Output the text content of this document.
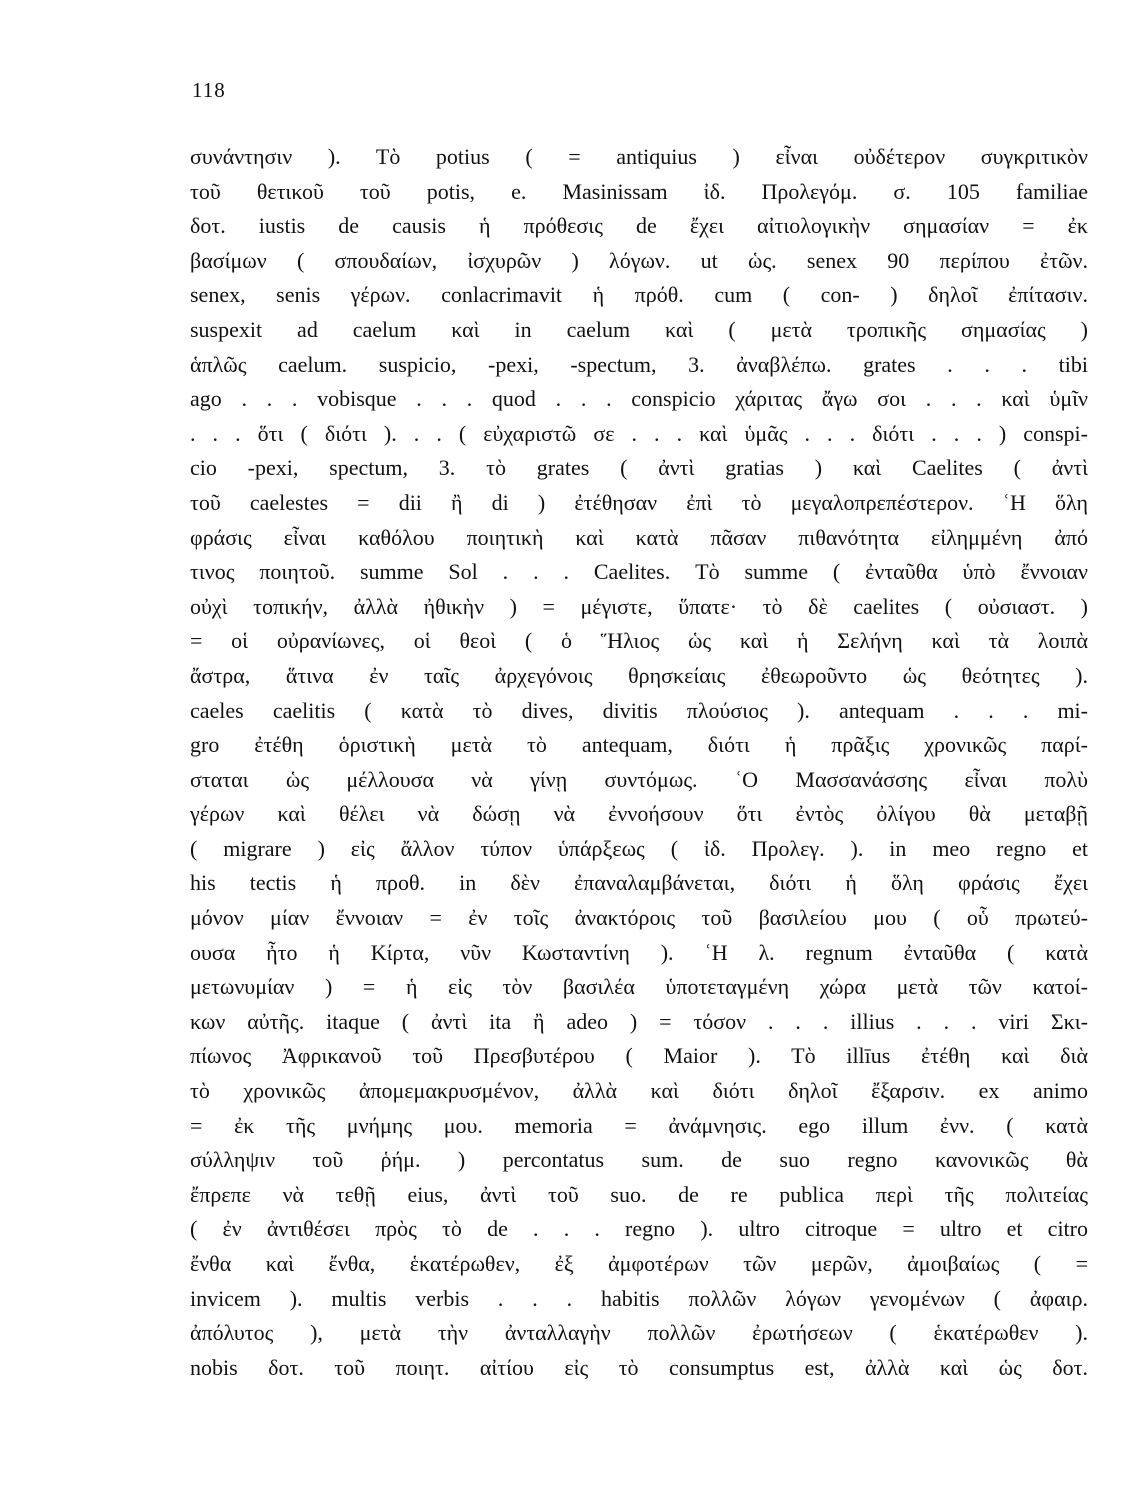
118
συνάντησιν ). Τὸ potius ( = antiquius ) εἶναι οὐδέτερον συγκριτικὸν
τοῦ θετικοῦ τοῦ potis, e. Masinissam ἰδ. Προλεγόμ. σ. 105 familiae
δοτ. iustis de causis ἡ πρόθεσις de ἔχει αἰτιολογικὴν σημασίαν = ἐκ
βασίμων ( σπουδαίων, ἰσχυρῶν ) λόγων. ut ὡς. senex 90 περίπου ἐτῶν.
senex, senis γέρων. conlacrimavit ἡ πρόθ. cum ( con- ) δηλοῖ ἐπίτασιν.
suspexit ad caelum καὶ in caelum καὶ ( μετὰ τροπικῆς σημασίας )
ἁπλῶς caelum. suspicio, -pexi, -spectum, 3. ἀναβλέπω. grates . . . tibi
ago . . . vobisque . . . quod . . . conspicio χάριτας ἄγω σοι . . . καὶ ὑμῖν
. . . ὅτι ( διότι ). . . ( εὐχαριστῶ σε . . . καὶ ὑμᾶς . . . διότι . . . ) conspi-
cio -pexi, spectum, 3. τὸ grates ( ἀντὶ gratias ) καὶ Caelites ( ἀντὶ
τοῦ caelestes = dii ἢ di ) ἐτέθησαν ἐπὶ τὸ μεγαλοπρεπέστερον. ʿΗ ὅλη
φράσις εἶναι καθόλου ποιητικὴ καὶ κατὰ πᾶσαν πιθανότητα εἰλημμένη ἀπό
τινος ποιητοῦ. summe Sol . . . Caelites. Τὸ summe ( ἐνταῦθα ὑπὸ ἔννοιαν
οὐχὶ τοπικήν, ἀλλὰ ἠθικὴν ) = μέγιστε, ὕπατε· τὸ δὲ caelites ( οὐσιαστ. )
= οἱ οὐρανίωνες, οἱ θεοὶ ( ὁ Ἥλιος ὡς καὶ ἡ Σελήνη καὶ τὰ λοιπὰ
ἄστρα, ἅτινα ἐν ταῖς ἀρχεγόνοις θρησκείαις ἐθεωροῦντο ὡς θεότητες ).
caeles caelitis ( κατὰ τὸ dives, divitis πλούσιος ). antequam . . . mi-
gro ἐτέθη ὁριστικὴ μετὰ τὸ antequam, διότι ἡ πρᾶξις χρονικῶς παρί-
σταται ὡς μέλλουσα νὰ γίνῃ συντόμως. ʿΟ Μασσανάσσης εἶναι πολὺ
γέρων καὶ θέλει νὰ δώσῃ νὰ ἐννοήσουν ὅτι ἐντὸς ὀλίγου θὰ μεταβῇ
( migrare ) εἰς ἄλλον τύπον ὑπάρξεως ( ἰδ. Προλεγ. ). in meo regno et
his tectis ἡ προθ. in δὲν ἐπαναλαμβάνεται, διότι ἡ ὅλη φράσις ἔχει
μόνον μίαν ἔννοιαν = ἐν τοῖς ἀνακτόροις τοῦ βασιλείου μου ( οὗ πρωτεύ-
ουσα ἦτο ἡ Κίρτα, νῦν Κωσταντίνη ). ʿΗ λ. regnum ἐνταῦθα ( κατὰ
μετωνυμίαν ) = ἡ εἰς τὸν βασιλέα ὑποτεταγμένη χώρα μετὰ τῶν κατοί-
κων αὐτῆς. itaque ( ἀντὶ ita ἢ adeo ) = τόσον . . . illius . . . viri Σκι-
πίωνος Ἀφρικανοῦ τοῦ Πρεσβυτέρου ( Maior ). Τὸ illīus ἐτέθη καὶ διὰ
τὸ χρονικῶς ἀπομεμακρυσμένον, ἀλλὰ καὶ διότι δηλοῖ ἔξαρσιν. ex animo
= ἐκ τῆς μνήμης μου. memoria = ἀνάμνησις. ego illum ἐνν. ( κατὰ
σύλληψιν τοῦ ῥήμ. ) percontatus sum. de suo regno κανονικῶς θὰ
ἔπρεπε νὰ τεθῇ eius, ἀντὶ τοῦ suo. de re publica περὶ τῆς πολιτείας
( ἐν ἀντιθέσει πρὸς τὸ de . . . regno ). ultro citroque = ultro et citro
ἔνθα καὶ ἔνθα, ἑκατέρωθεν, ἐξ ἀμφοτέρων τῶν μερῶν, ἀμοιβαίως ( =
invicem ). multis verbis . . . habitis πολλῶν λόγων γενομένων ( ἀφαιρ.
ἀπόλυτος ), μετὰ τὴν ἀνταλλαγὴν πολλῶν ἐρωτήσεων ( ἑκατέρωθεν ).
nobis δοτ. τοῦ ποιητ. αἰτίου εἰς τὸ consumptus est, ἀλλὰ καὶ ὡς δοτ.
